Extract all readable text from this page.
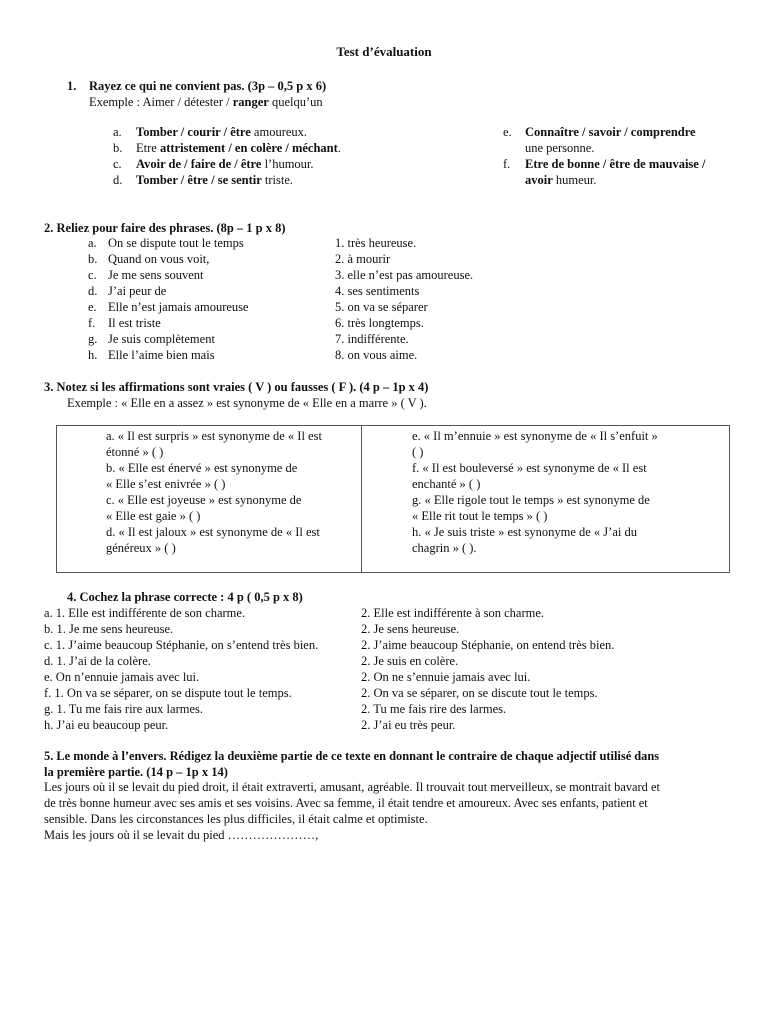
Test d’évaluation
1. Rayez ce qui ne convient pas. (3p – 0,5 p x 6)
Exemple : Aimer / détester / ranger quelqu’un
a. Tomber / courir / être amoureux.
b. Etre attristement / en colère / méchant.
c. Avoir de / faire de / être l’humour.
d. Tomber / être / se sentir triste.
e. Connaître / savoir / comprendre
une personne.
f. Etre de bonne / être de mauvaise /
avoir humeur.
2. Reliez pour faire des phrases. (8p – 1 p x 8)
a. On se dispute tout le temps
b. Quand on vous voit,
c. Je me sens souvent
d. J’ai peur de
e. Elle n’est jamais amoureuse
f. Il est triste
g. Je suis complètement
h. Elle l’aime bien mais
1. très heureuse.
2. à mourir
3. elle n’est pas amoureuse.
4. ses sentiments
5. on va se séparer
6. très longtemps.
7. indifférente.
8. on vous aime.
3. Notez si les affirmations sont vraies ( V ) ou fausses ( F ). (4 p – 1p x 4)
Exemple : « Elle en a assez » est synonyme de « Elle en a marre » ( V ).
a. « Il est surpris » est synonyme de « Il est
étonné » ( )
b. « Elle est énervé » est synonyme de
« Elle s’est enivrée » ( )
c. « Elle est joyeuse » est synonyme de
« Elle est gaie » ( )
d. « Il est jaloux » est synonyme de « Il est
généreux » ( )
e. « Il m’ennuie » est synonyme de « Il s’enfuit »
( )
f. « Il est bouleversé » est synonyme de « Il est
enchanté » ( )
g. « Elle rigole tout le temps » est synonyme de
« Elle rit tout le temps » ( )
h. « Je suis triste » est synonyme de « J’ai du
chagrin » ( ).
4. Cochez la phrase correcte : 4 p ( 0,5 p x 8)
a. 1. Elle est indifférente de son charme.
b. 1. Je me sens heureuse.
c. 1. J’aime beaucoup Stéphanie, on s’entend très bien.
d. 1. J’ai de la colère.
e. On n’ennuie jamais avec lui.
f. 1. On va se séparer, on se dispute tout le temps.
g. 1. Tu me fais rire aux larmes.
h. J’ai eu beaucoup peur.
2. Elle est indifférente à son charme.
2. Je sens heureuse.
2. J’aime beaucoup Stéphanie, on entend très bien.
2. Je suis en colère.
2. On ne s’ennuie jamais avec lui.
2. On va se séparer, on se discute tout le temps.
2. Tu me fais rire des larmes.
2. J’ai eu très peur.
5. Le monde à l’envers. Rédigez la deuxième partie de ce texte en donnant le contraire de chaque adjectif utilisé dans
la première partie. (14 p – 1p x 14)
Les jours où il se levait du pied droit, il était extraverti, amusant, agréable. Il trouvait tout merveilleux, se montrait bavard et
de très bonne humeur avec ses amis et ses voisins. Avec sa femme, il était tendre et amoureux. Avec ses enfants, patient et
sensible. Dans les circonstances les plus difficiles, il était calme et optimiste.
Mais les jours où il se levait du pied …………………,
